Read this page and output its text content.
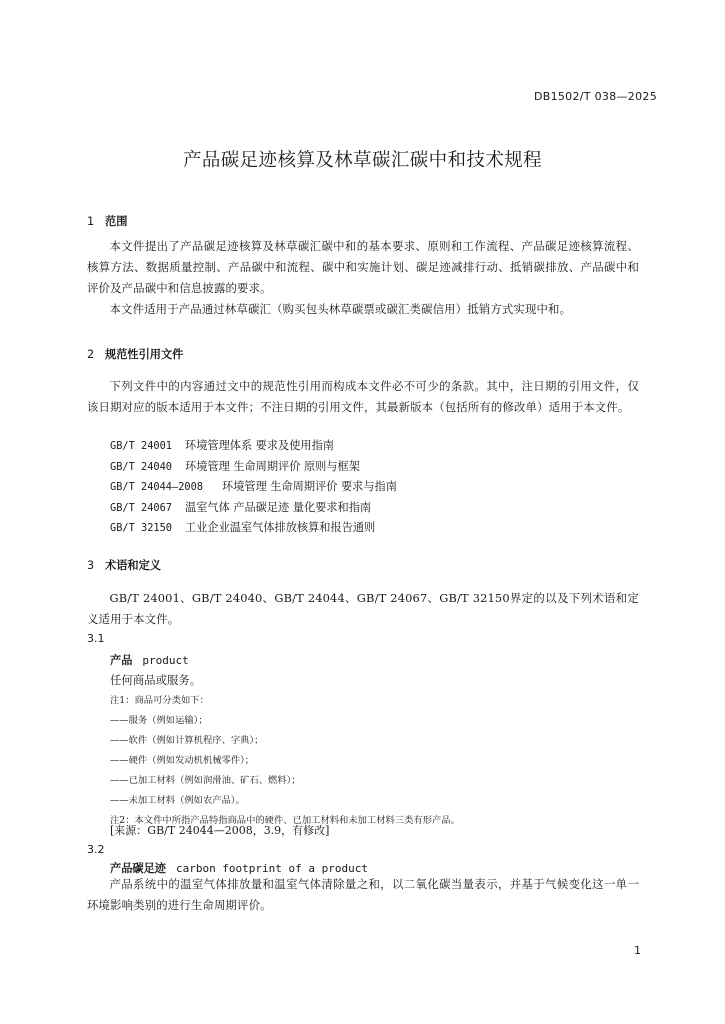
DB1502/T 038—2025
产品碳足迹核算及林草碳汇碳中和技术规程
1 范围
本文件提出了产品碳足迹核算及林草碳汇碳中和的基本要求、原则和工作流程、产品碳足迹核算流程、核算方法、数据质量控制、产品碳中和流程、碳中和实施计划、碳足迹减排行动、抵销碳排放、产品碳中和评价及产品碳中和信息披露的要求。
本文件适用于产品通过林草碳汇（购买包头林草碳票或碳汇类碳信用）抵销方式实现中和。
2 规范性引用文件
下列文件中的内容通过文中的规范性引用而构成本文件必不可少的条款。其中，注日期的引用文件，仅该日期对应的版本适用于本文件；不注日期的引用文件，其最新版本（包括所有的修改单）适用于本文件。
GB/T 24001 环境管理体系 要求及使用指南
GB/T 24040 环境管理 生命周期评价 原则与框架
GB/T 24044—2008 环境管理 生命周期评价 要求与指南
GB/T 24067 温室气体 产品碳足迹 量化要求和指南
GB/T 32150 工业企业温室气体排放核算和报告通则
3 术语和定义
GB/T 24001、GB/T 24040、GB/T 24044、GB/T 24067、GB/T 32150界定的以及下列术语和定义适用于本文件。
3.1
产品 product
任何商品或服务。
注1：商品可分类如下：
——服务（例如运输）；
——软件（例如计算机程序、字典）；
——硬件（例如发动机机械零件）；
——已加工材料（例如润滑油、矿石、燃料）；
——未加工材料（例如农产品）。
注2：本文件中所指产品特指商品中的硬件、已加工材料和未加工材料三类有形产品。
[来源：GB/T 24044—2008，3.9，有修改]
3.2
产品碳足迹 carbon footprint of a product
产品系统中的温室气体排放量和温室气体清除量之和，以二氧化碳当量表示，并基于气候变化这一单一环境影响类别的进行生命周期评价。
1
